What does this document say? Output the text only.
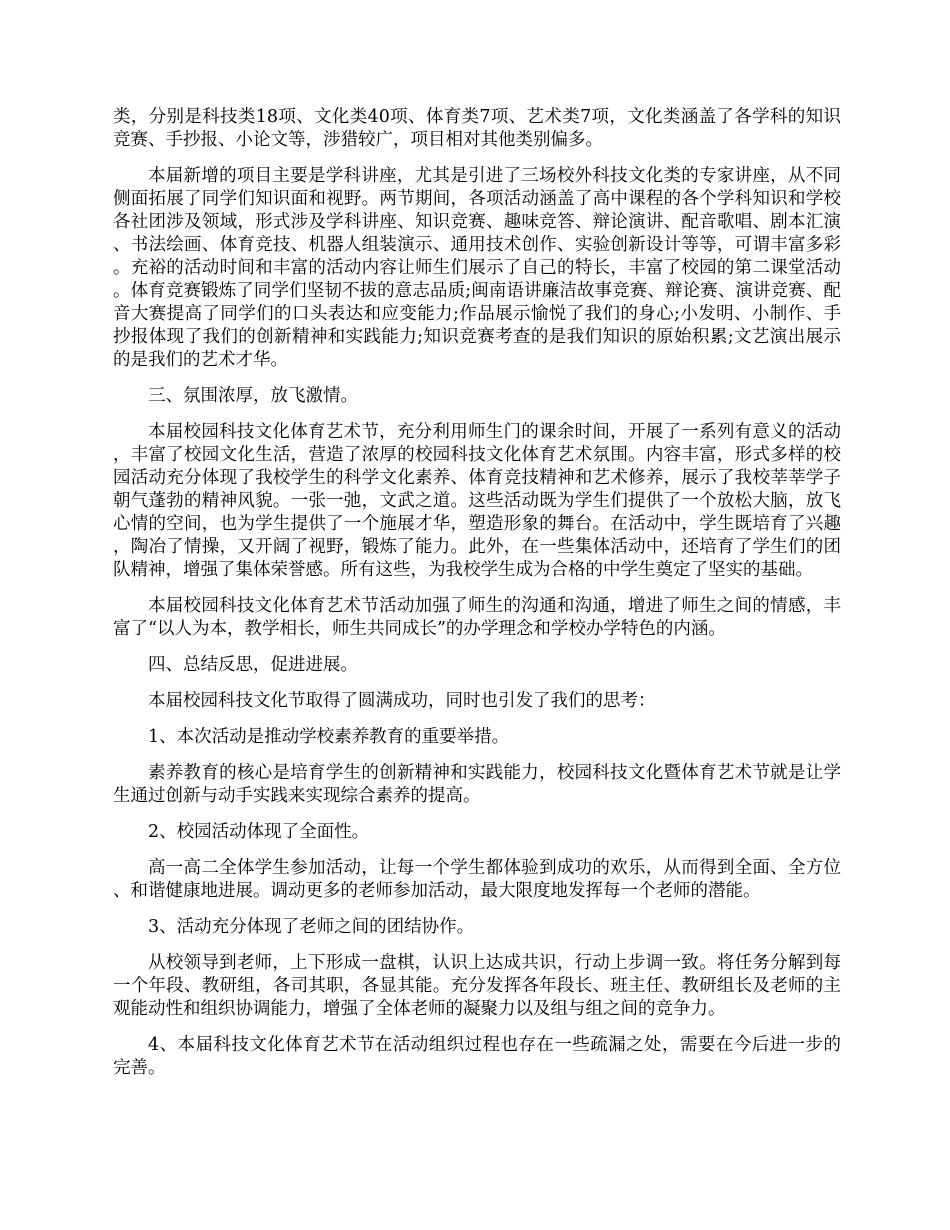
类，分别是科技类18项、文化类40项、体育类7项、艺术类7项，文化类涵盖了各学科的知识竞赛、手抄报、小论文等，涉猎较广，项目相对其他类别偏多。

本届新增的项目主要是学科讲座，尤其是引进了三场校外科技文化类的专家讲座，从不同侧面拓展了同学们知识面和视野。两节期间，各项活动涵盖了高中课程的各个学科知识和学校各社团涉及领域，形式涉及学科讲座、知识竞赛、趣味竞答、辩论演讲、配音歌唱、剧本汇演、书法绘画、体育竞技、机器人组装演示、通用技术创作、实验创新设计等等，可谓丰富多彩。充裕的活动时间和丰富的活动内容让师生们展示了自己的特长，丰富了校园的第二课堂活动。体育竞赛锻炼了同学们坚韧不拔的意志品质;闽南语讲廉洁故事竞赛、辩论赛、演讲竞赛、配音大赛提高了同学们的口头表达和应变能力;作品展示愉悦了我们的身心;小发明、小制作、手抄报体现了我们的创新精神和实践能力;知识竞赛考查的是我们知识的原始积累;文艺演出展示的是我们的艺术才华。

三、氛围浓厚，放飞激情。

本届校园科技文化体育艺术节，充分利用师生门的课余时间，开展了一系列有意义的活动，丰富了校园文化生活，营造了浓厚的校园科技文化体育艺术氛围。内容丰富，形式多样的校园活动充分体现了我校学生的科学文化素养、体育竞技精神和艺术修养，展示了我校莘莘学子朝气蓬勃的精神风貌。一张一弛，文武之道。这些活动既为学生们提供了一个放松大脑，放飞心情的空间，也为学生提供了一个施展才华，塑造形象的舞台。在活动中，学生既培育了兴趣，陶冶了情操，又开阔了视野，锻炼了能力。此外，在一些集体活动中，还培育了学生们的团队精神，增强了集体荣誉感。所有这些，为我校学生成为合格的中学生奠定了坚实的基础。

本届校园科技文化体育艺术节活动加强了师生的沟通和沟通，增进了师生之间的情感，丰富了“以人为本，教学相长，师生共同成长”的办学理念和学校办学特色的内涵。

四、总结反思，促进进展。

本届校园科技文化节取得了圆满成功，同时也引发了我们的思考：

1、本次活动是推动学校素养教育的重要举措。

素养教育的核心是培育学生的创新精神和实践能力，校园科技文化暨体育艺术节就是让学生通过创新与动手实践来实现综合素养的提高。

2、校园活动体现了全面性。

高一高二全体学生参加活动，让每一个学生都体验到成功的欢乐，从而得到全面、全方位、和谐健康地进展。调动更多的老师参加活动，最大限度地发挥每一个老师的潜能。

3、活动充分体现了老师之间的团结协作。

从校领导到老师，上下形成一盘棋，认识上达成共识，行动上步调一致。将任务分解到每一个年段、教研组，各司其职，各显其能。充分发挥各年段长、班主任、教研组长及老师的主观能动性和组织协调能力，增强了全体老师的凝聚力以及组与组之间的竞争力。

4、本届科技文化体育艺术节在活动组织过程也存在一些疏漏之处，需要在今后进一步的完善。
